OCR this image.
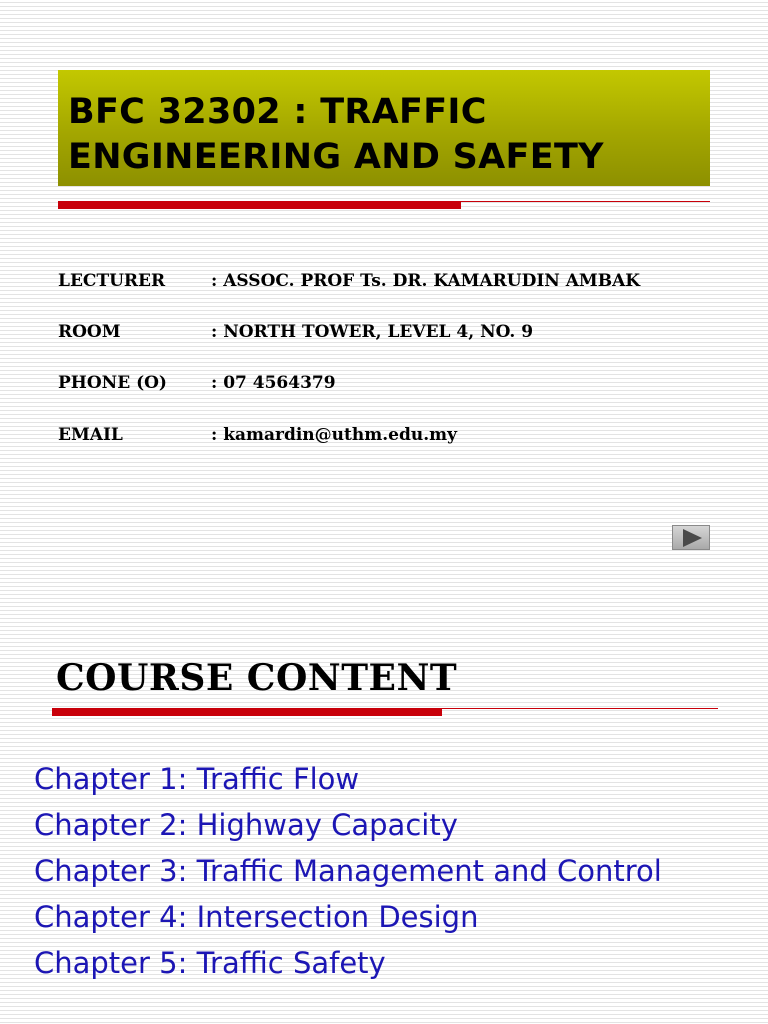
BFC 32302 : TRAFFIC
ENGINEERING AND SAFETY
LECTURER	: ASSOC. PROF Ts. DR. KAMARUDIN AMBAK
ROOM	: NORTH TOWER, LEVEL 4, NO. 9
PHONE (O)	: 07 4564379
EMAIL	: kamardin@uthm.edu.my
COURSE CONTENT
Chapter 1: Traffic Flow
Chapter 2: Highway Capacity
Chapter 3: Traffic Management and Control
Chapter 4: Intersection Design
Chapter 5: Traffic Safety
